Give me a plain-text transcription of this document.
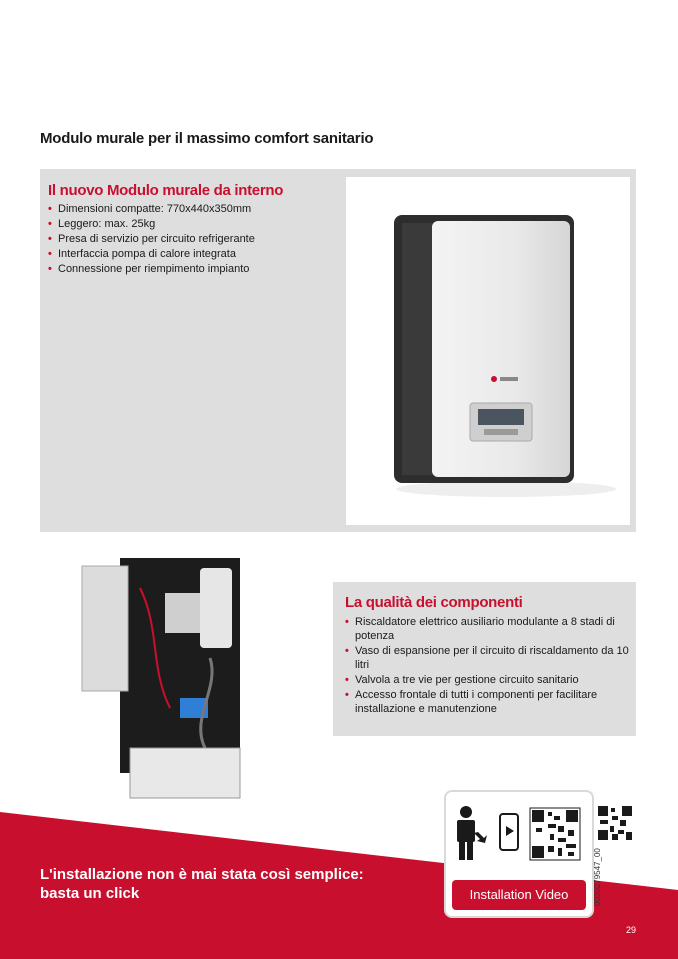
Modulo murale per il massimo comfort sanitario
Il nuovo Modulo murale da interno
• Dimensioni compatte: 770x440x350mm
• Leggero: max. 25kg
• Presa di servizio per circuito refrigerante
• Interfaccia pompa di calore integrata
• Connessione per riempimento impianto
La qualità dei componenti
• Riscaldatore elettrico ausiliario modulante a 8 stadi di potenza
• Vaso di espansione per il circuito di riscaldamento da 10 litri
• Valvola a tre vie per gestione circuito sanitario
• Accesso frontale di tutti i componenti per facilitare installazione e manutenzione
L'installazione non è mai stata così semplice:
basta un click	Installation Video	0020279547_00
29
